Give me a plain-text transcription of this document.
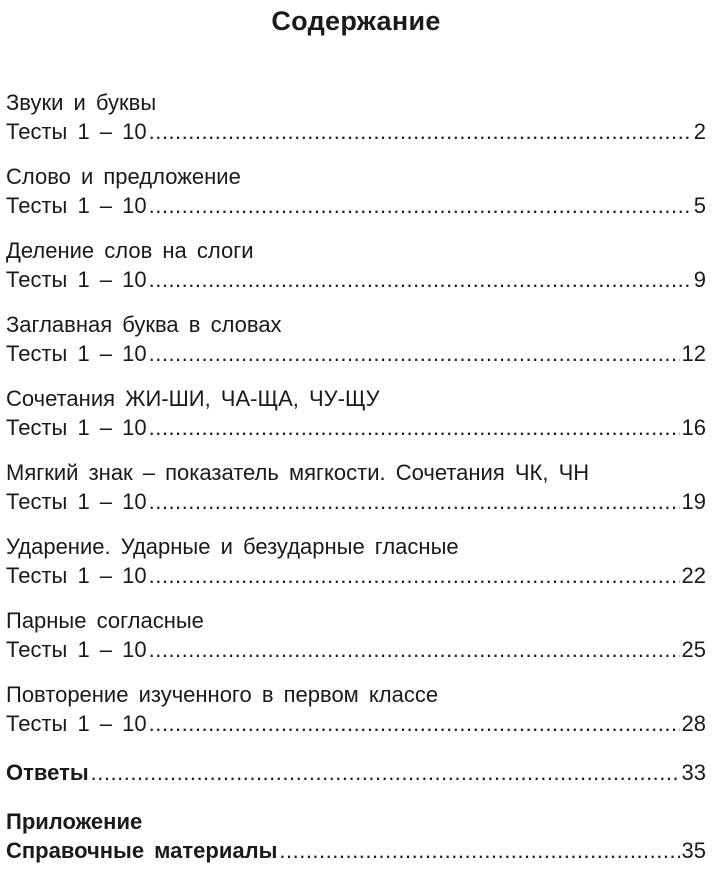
Содержание
Звуки и буквы
Тесты 1 – 10 .....	2
Слово и предложение
Тесты 1 – 10 .....	5
Деление слов на слоги
Тесты 1 – 10 .....	9
Заглавная буква в словах
Тесты 1 – 10 .....	12
Сочетания ЖИ-ШИ, ЧА-ЩА, ЧУ-ЩУ
Тесты 1 – 10 .....	16
Мягкий знак – показатель мягкости. Сочетания ЧК, ЧН
Тесты 1 – 10 .....	19
Ударение. Ударные и безударные гласные
Тесты 1 – 10 .....	22
Парные согласные
Тесты 1 – 10 .....	25
Повторение изученного в первом классе
Тесты 1 – 10 .....	28
Ответы .....	33
Приложение
Справочные материалы .....	35
